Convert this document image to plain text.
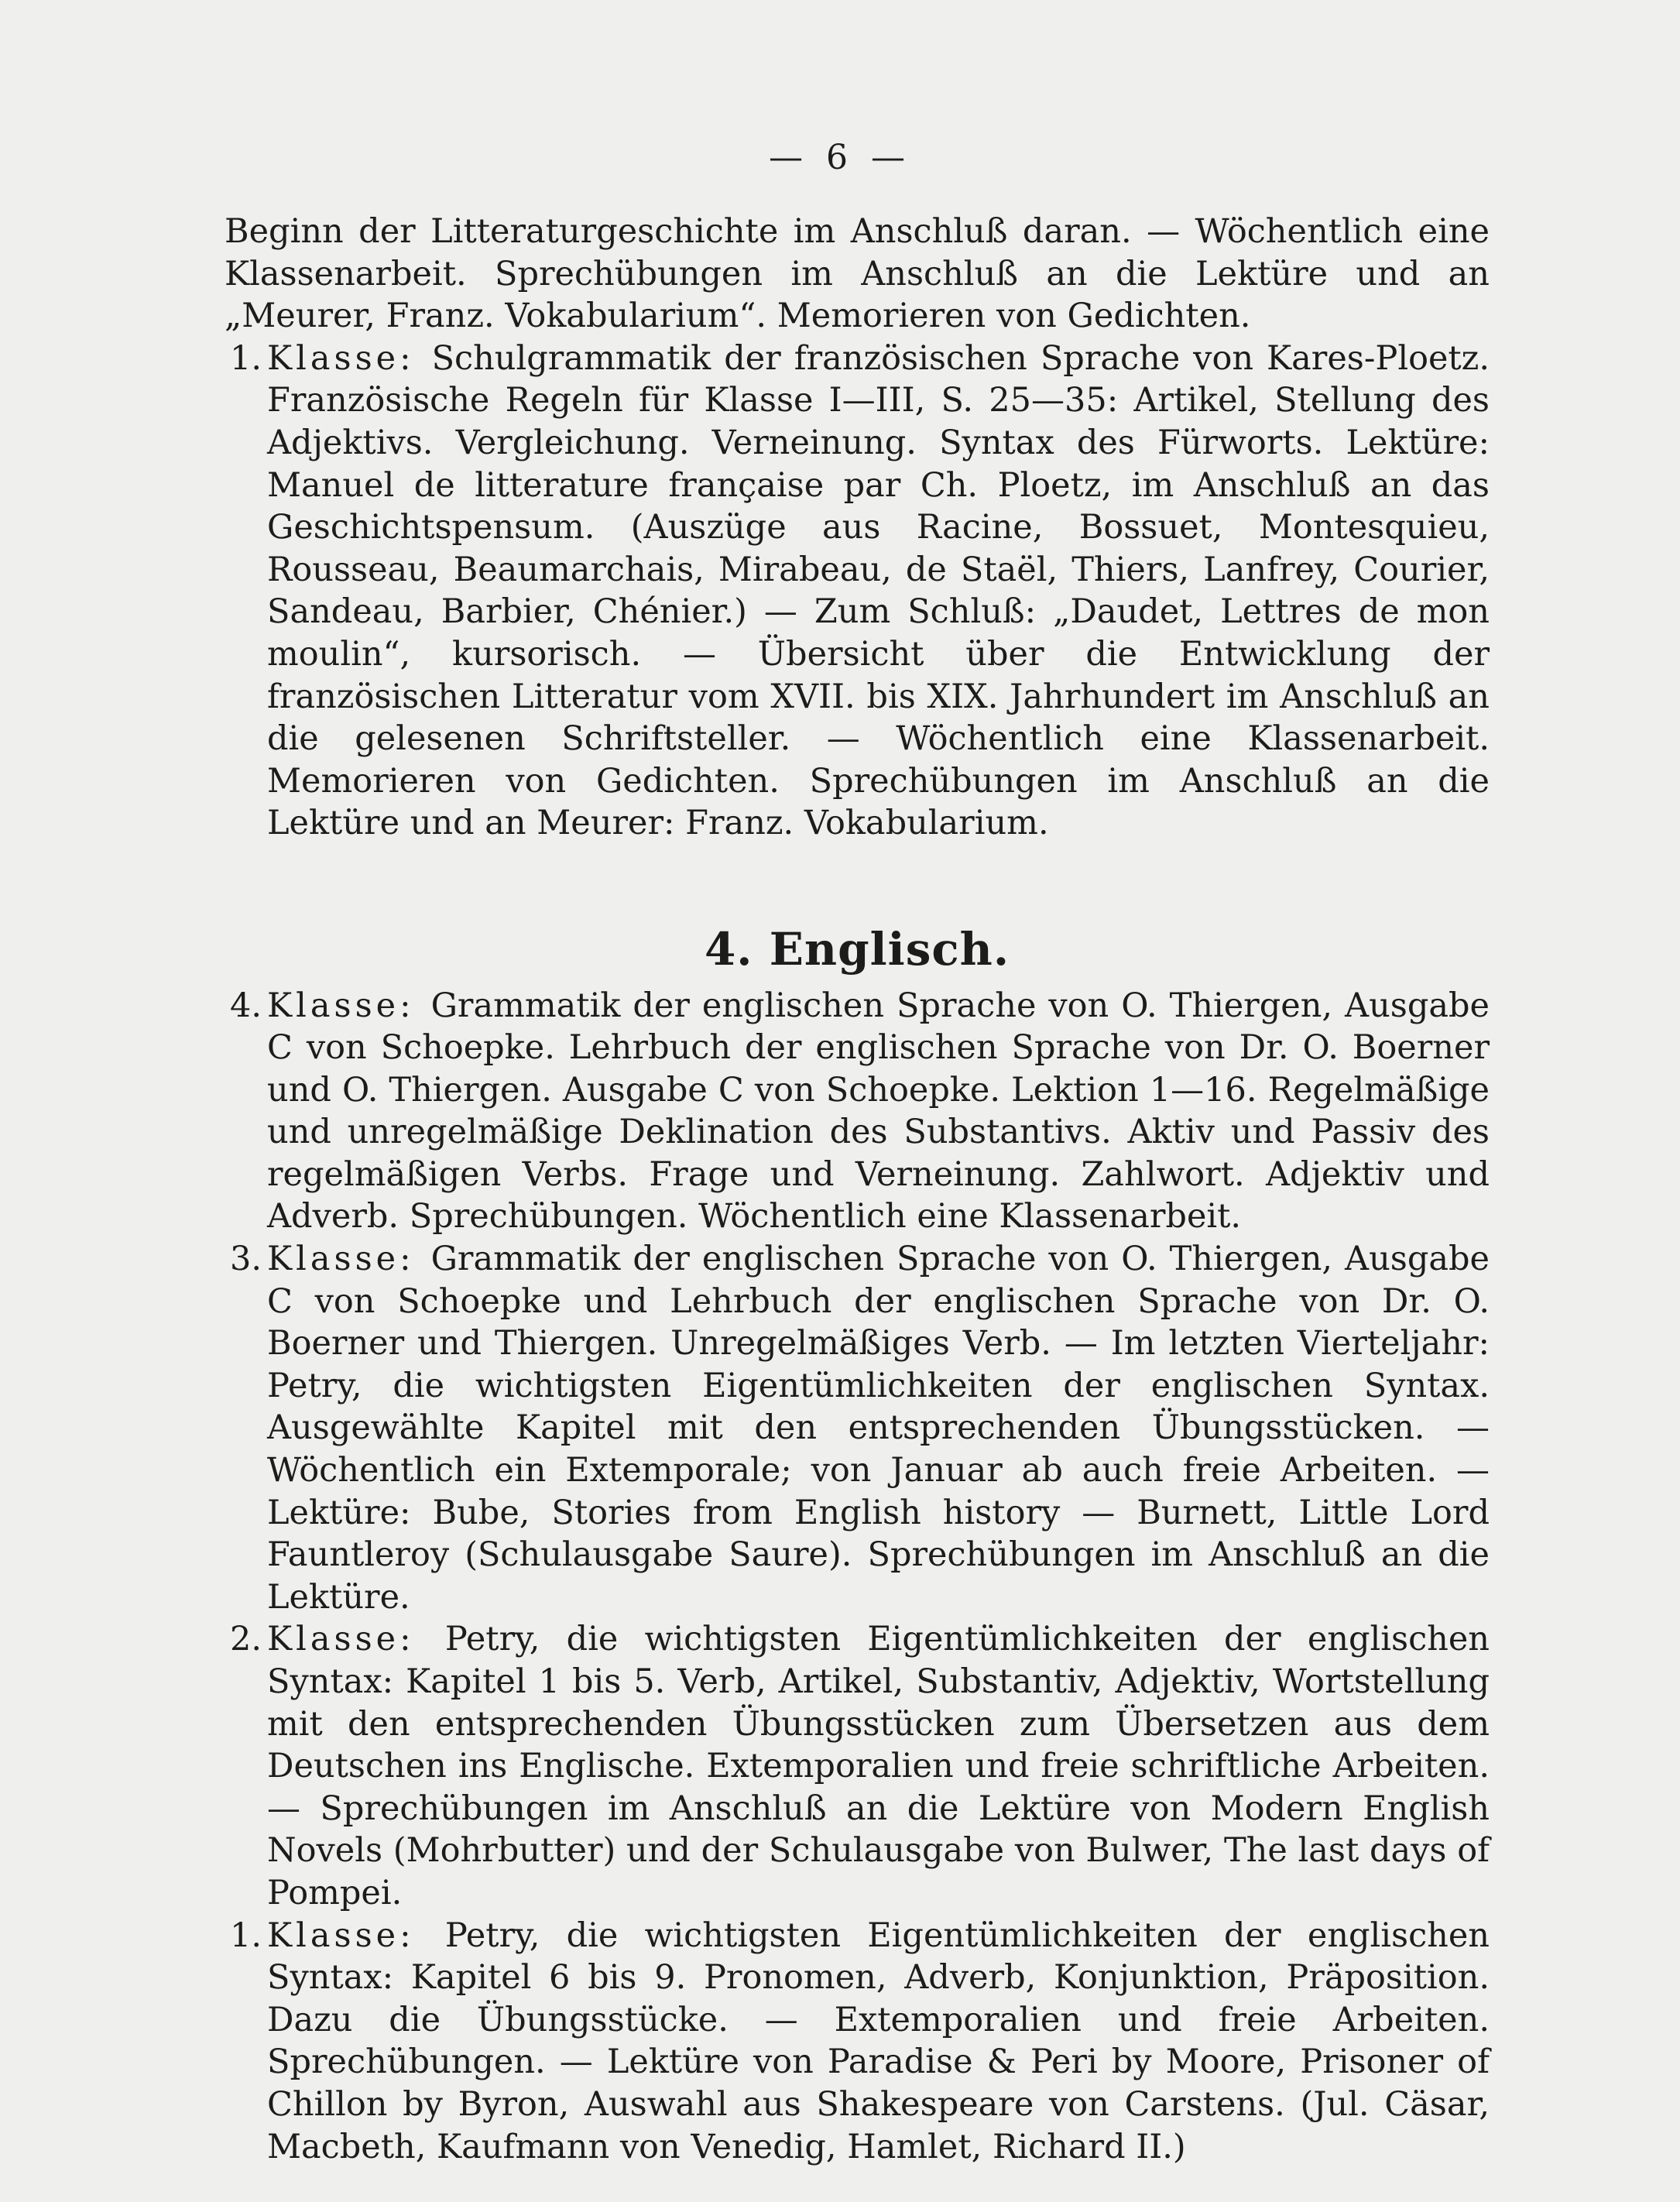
— 6 —

Beginn der Litteraturgeschichte im Anschluß daran. — Wöchentlich eine Klassenarbeit. Sprechübungen im Anschluß an die Lektüre und an „Meurer, Franz. Vokabularium“. Memorieren von Gedichten.

1. Klasse: Schulgrammatik der französischen Sprache von Kares-Ploetz. Französische Regeln für Klasse I—III, S. 25—35: Artikel, Stellung des Adjektivs. Vergleichung. Verneinung. Syntax des Fürworts. Lektüre: Manuel de litterature française par Ch. Ploetz, im Anschluß an das Geschichtspensum. (Auszüge aus Racine, Bossuet, Montesquieu, Rousseau, Beaumarchais, Mirabeau, de Staël, Thiers, Lanfrey, Courier, Sandeau, Barbier, Chénier.) — Zum Schluß: „Daudet, Lettres de mon moulin“, kursorisch. — Übersicht über die Entwicklung der französischen Litteratur vom XVII. bis XIX. Jahrhundert im Anschluß an die gelesenen Schriftsteller. — Wöchentlich eine Klassenarbeit. Memorieren von Gedichten. Sprechübungen im Anschluß an die Lektüre und an Meurer: Franz. Vokabularium.
4. Englisch.
4. Klasse: Grammatik der englischen Sprache von O. Thiergen, Ausgabe C von Schoepke. Lehrbuch der englischen Sprache von Dr. O. Boerner und O. Thiergen. Ausgabe C von Schoepke. Lektion 1—16. Regelmäßige und unregelmäßige Deklination des Substantivs. Aktiv und Passiv des regelmäßigen Verbs. Frage und Verneinung. Zahlwort. Adjektiv und Adverb. Sprechübungen. Wöchentlich eine Klassenarbeit.
3. Klasse: Grammatik der englischen Sprache von O. Thiergen, Ausgabe C von Schoepke und Lehrbuch der englischen Sprache von Dr. O. Boerner und Thiergen. Unregelmäßiges Verb. — Im letzten Vierteljahr: Petry, die wichtigsten Eigentümlichkeiten der englischen Syntax. Ausgewählte Kapitel mit den entsprechenden Übungsstücken. — Wöchentlich ein Extemporale; von Januar ab auch freie Arbeiten. — Lektüre: Bube, Stories from English history — Burnett, Little Lord Fauntleroy (Schulausgabe Saure). Sprechübungen im Anschluß an die Lektüre.
2. Klasse: Petry, die wichtigsten Eigentümlichkeiten der englischen Syntax: Kapitel 1 bis 5. Verb, Artikel, Substantiv, Adjektiv, Wortstellung mit den entsprechenden Übungsstücken zum Übersetzen aus dem Deutschen ins Englische. Extemporalien und freie schriftliche Arbeiten. — Sprechübungen im Anschluß an die Lektüre von Modern English Novels (Mohrbutter) und der Schulausgabe von Bulwer, The last days of Pompei.
1. Klasse: Petry, die wichtigsten Eigentümlichkeiten der englischen Syntax: Kapitel 6 bis 9. Pronomen, Adverb, Konjunktion, Präposition. Dazu die Übungsstücke. — Extemporalien und freie Arbeiten. Sprechübungen. — Lektüre von Paradise & Peri by Moore, Prisoner of Chillon by Byron, Auswahl aus Shakespeare von Carstens. (Jul. Cäsar, Macbeth, Kaufmann von Venedig, Hamlet, Richard II.)
